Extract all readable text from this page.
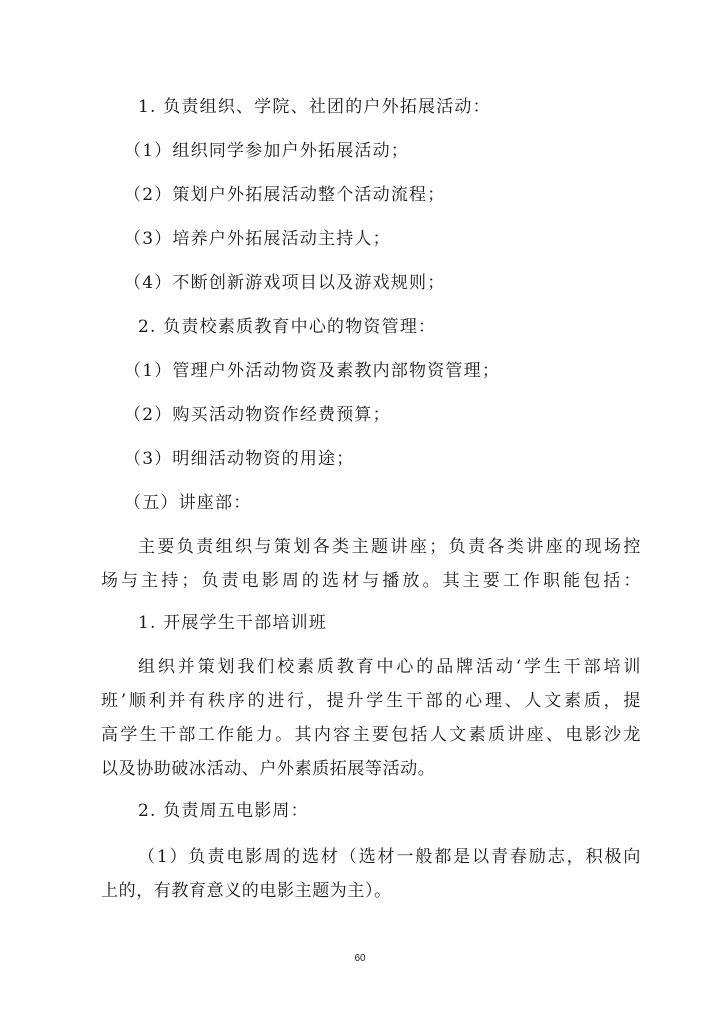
1. 负责组织、学院、社团的户外拓展活动：
（1）组织同学参加户外拓展活动；
（2）策划户外拓展活动整个活动流程；
（3）培养户外拓展活动主持人；
（4）不断创新游戏项目以及游戏规则；
2. 负责校素质教育中心的物资管理：
（1）管理户外活动物资及素教内部物资管理；
（2）购买活动物资作经费预算；
（3）明细活动物资的用途；
（五）讲座部：
主要负责组织与策划各类主题讲座；负责各类讲座的现场控
场与主持；负责电影周的选材与播放。其主要工作职能包括：
1. 开展学生干部培训班
组织并策划我们校素质教育中心的品牌活动‘学生干部培训
班’顺利并有秩序的进行，提升学生干部的心理、人文素质，提
高学生干部工作能力。其内容主要包括人文素质讲座、电影沙龙
以及协助破冰活动、户外素质拓展等活动。
2. 负责周五电影周：
（1）负责电影周的选材（选材一般都是以青春励志，积极向
上的，有教育意义的电影主题为主）。
60
